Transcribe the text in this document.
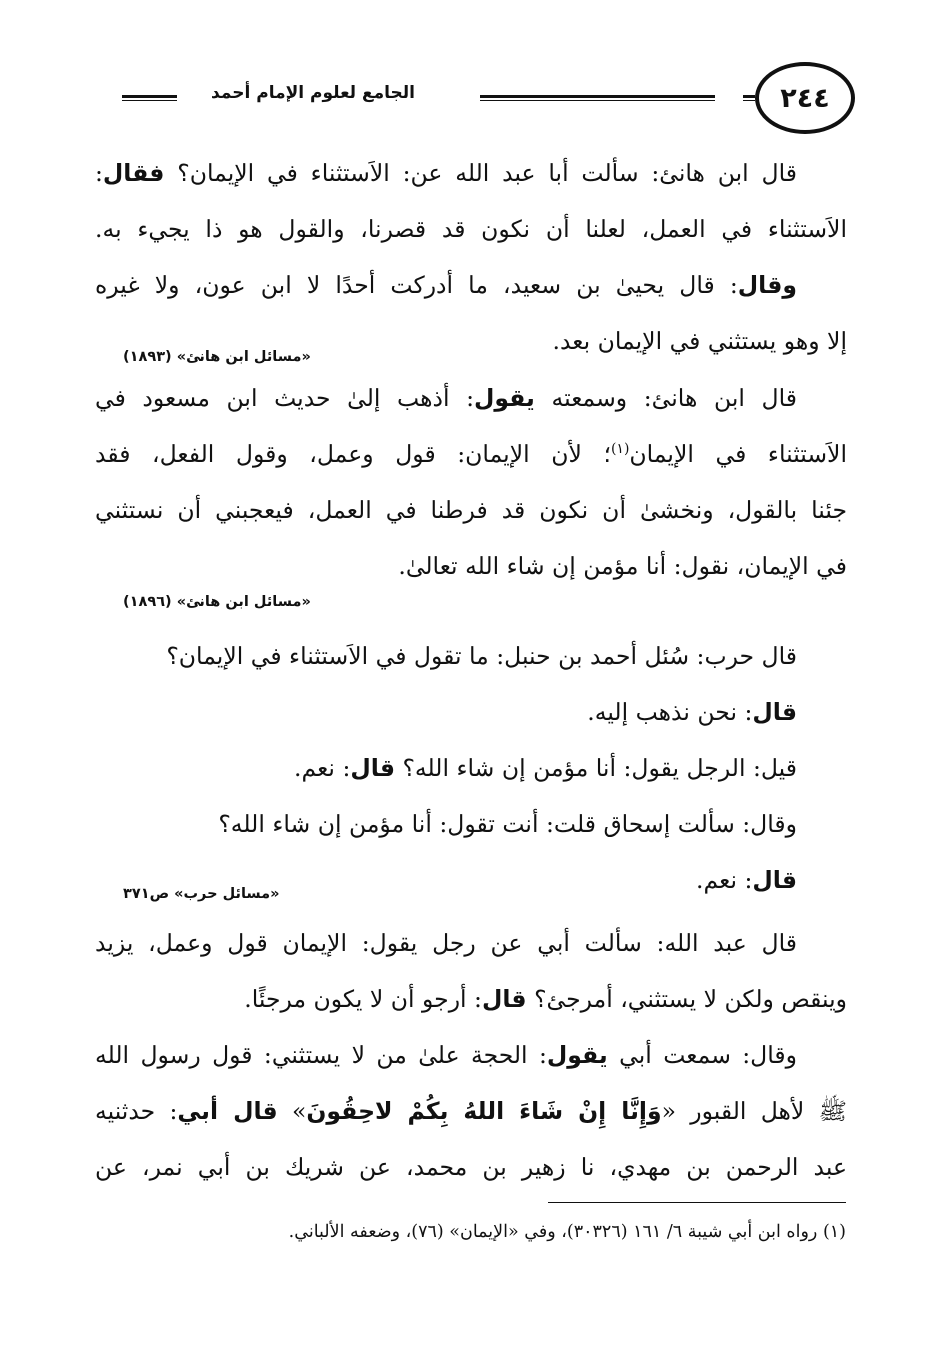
٢٤٤
الجامع لعلوم الإمام أحمد
قال ابن هانئ: سألت أبا عبد الله عن: الاَستثناء في الإيمان؟ فقال:
الاَستثناء في العمل، لعلنا أن نكون قد قصرنا، والقول هو ذا يجيء به.
وقال: قال يحيىٰ بن سعيد، ما أدركت أحدًا لا ابن عون، ولا غيره
إلا وهو يستثني في الإيمان بعد.
«مسائل ابن هانئ» (١٨٩٣)
قال ابن هانئ: وسمعته يقول: أذهب إلىٰ حديث ابن مسعود في
الاَستثناء في الإيمان$^{(١)}$؛ لأن الإيمان: قول وعمل، وقول الفعل، فقد
جئنا بالقول، ونخشىٰ أن نكون قد فرطنا في العمل، فيعجبني أن نستثني
في الإيمان، نقول: أنا مؤمن إن شاء الله تعالىٰ.
«مسائل ابن هانئ» (١٨٩٦)
قال حرب: سُئل أحمد بن حنبل: ما تقول في الاَستثناء في الإيمان؟
قال: نحن نذهب إليه.
قيل: الرجل يقول: أنا مؤمن إن شاء الله؟ قال: نعم.
وقال: سألت إسحاق قلت: أنت تقول: أنا مؤمن إن شاء الله؟
قال: نعم.
«مسائل حرب» ص٣٧١
قال عبد الله: سألت أبي عن رجل يقول: الإيمان قول وعمل، يزيد
وينقص ولكن لا يستثني، أمرجئ؟ قال: أرجو أن لا يكون مرجئًا.
وقال: سمعت أبي يقول: الحجة علىٰ من لا يستثني: قول رسول الله
ﷺ لأهل القبور «وَإِنَّا إِنْ شَاءَ اللهُ بِكُمْ لاحِقُونَ» قال أبي: حدثنيه
عبد الرحمن بن مهدي، نا زهير بن محمد، عن شريك بن أبي نمر، عن
(١) رواه ابن أبي شيبة ٦/ ١٦١ (٣٠٣٢٦)، وفي «الإيمان» (٧٦)، وضعفه الألباني.
